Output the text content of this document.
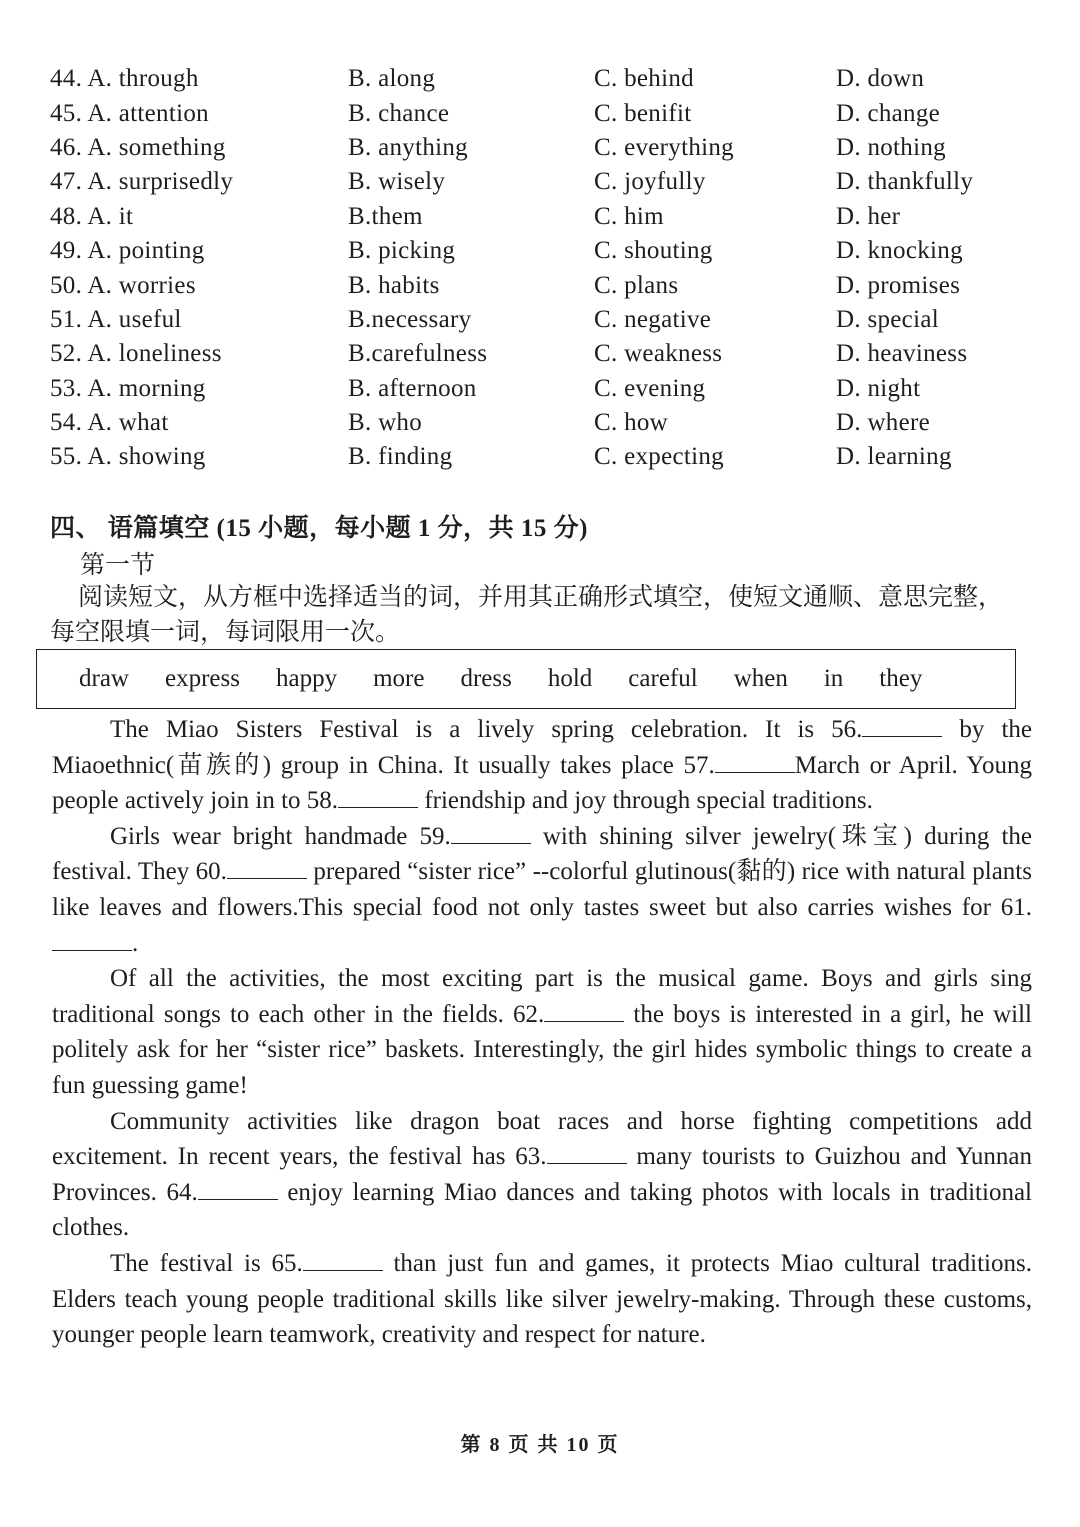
44. A. through	B. along	C. behind	D. down
45. A. attention	B. chance	C. benifit	D. change
46. A. something	B. anything	C. everything	D. nothing
47. A. surprisedly	B. wisely	C. joyfully	D. thankfully
48. A. it	B.them	C. him	D. her
49. A. pointing	B. picking	C. shouting	D. knocking
50. A. worries	B. habits	C. plans	D. promises
51. A. useful	B.necessary	C. negative	D. special
52. A. loneliness	B.carefulness	C. weakness	D. heaviness
53. A. morning	B. afternoon	C. evening	D. night
54. A. what	B. who	C. how	D. where
55. A. showing	B. finding	C. expecting	D. learning
四、 语篇填空 (15 小题，每小题 1 分，共 15 分)
第一节
阅读短文，从方框中选择适当的词，并用其正确形式填空，使短文通顺、意思完整，每空限填一词，每词限用一次。
draw express happy more dress hold careful when in they

The Miao Sisters Festival is a lively spring celebration. It is 56.	by the Miaoethnic(苗族的) group in China. It usually takes place 57.	March or April. Young people actively join in to 58.	friendship and joy through special traditions.

Girls wear bright handmade 59.	with shining silver jewelry(珠宝) during the festival. They 60.	prepared “sister rice” --colorful glutinous(黏的) rice with natural plants like leaves and flowers.This special food not only tastes sweet but also carries wishes for 61..

Of all the activities, the most exciting part is the musical game. Boys and girls sing traditional songs to each other in the fields. 62.	the boys is interested in a girl, he will politely ask for her “sister rice” baskets. Interestingly, the girl hides symbolic things to create a fun guessing game!

Community activities like dragon boat races and horse fighting competitions add excitement. In recent years, the festival has 63.	many tourists to Guizhou and Yunnan Provinces. 64.	enjoy learning Miao dances and taking photos with locals in traditional clothes.

The festival is 65.	than just fun and games, it protects Miao cultural traditions. Elders teach young people traditional skills like silver jewelry-making. Through these customs, younger people learn teamwork, creativity and respect for nature.

第 8 页 共 10 页
